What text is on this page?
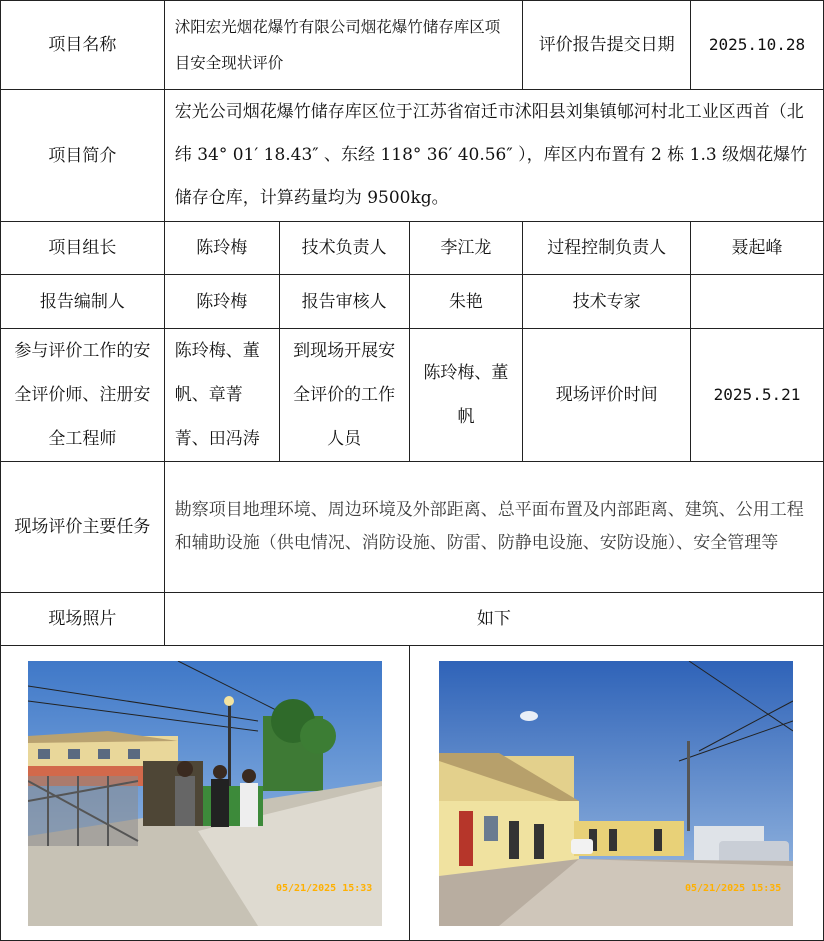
项目名称	沭阳宏光烟花爆竹有限公司烟花爆竹储存库区项目安全现状评价			评价报告提交日期	2025.10.28
项目简介	宏光公司烟花爆竹储存库区位于江苏省宿迁市沭阳县刘集镇郇河村北工业区西首（北纬 34° 01′ 18.43″ 、东经 118° 36′ 40.56″ ），库区内布置有 2 栋 1.3 级烟花爆竹储存仓库，计算药量均为 9500kg。				
项目组长	陈玲梅	技术负责人	李江龙	过程控制负责人	聂起峰
报告编制人	陈玲梅	报告审核人	朱艳	技术专家	
参与评价工作的安全评价师、注册安全工程师	陈玲梅、董帆、章菁菁、田冯涛	到现场开展安全评价的工作人员	陈玲梅、董帆	现场评价时间	2025.5.21
现场评价主要任务	勘察项目地理环境、周边环境及外部距离、总平面布置及内部距离、建筑、公用工程和辅助设施（供电情况、消防设施、防雷、防静电设施、安防设施）、安全管理等				
现场照片	如下				

05/21/2025 15:33			05/21/2025 15:35		
